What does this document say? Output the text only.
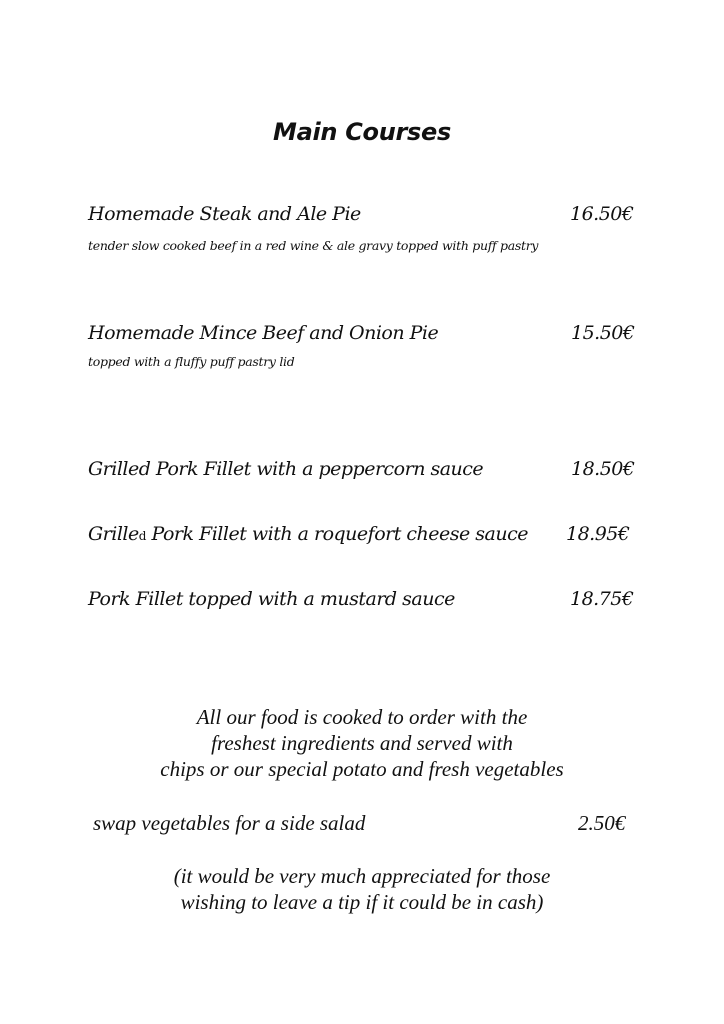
Main Courses
Homemade Steak and Ale Pie	16.50€
tender slow cooked beef in a red wine & ale gravy topped with puff pastry
Homemade Mince Beef and Onion Pie	15.50€
topped with a fluffy puff pastry lid
Grilled Pork Fillet with a peppercorn sauce	18.50€
Grilled Pork Fillet with a roquefort cheese sauce 18.95€
Pork Fillet topped with a mustard sauce	18.75€
All our food is cooked to order with the
freshest ingredients and served with
chips or our special potato and fresh vegetables
swap vegetables for a side salad	2.50€
(it would be very much appreciated for those
wishing to leave a tip if it could be in cash)
